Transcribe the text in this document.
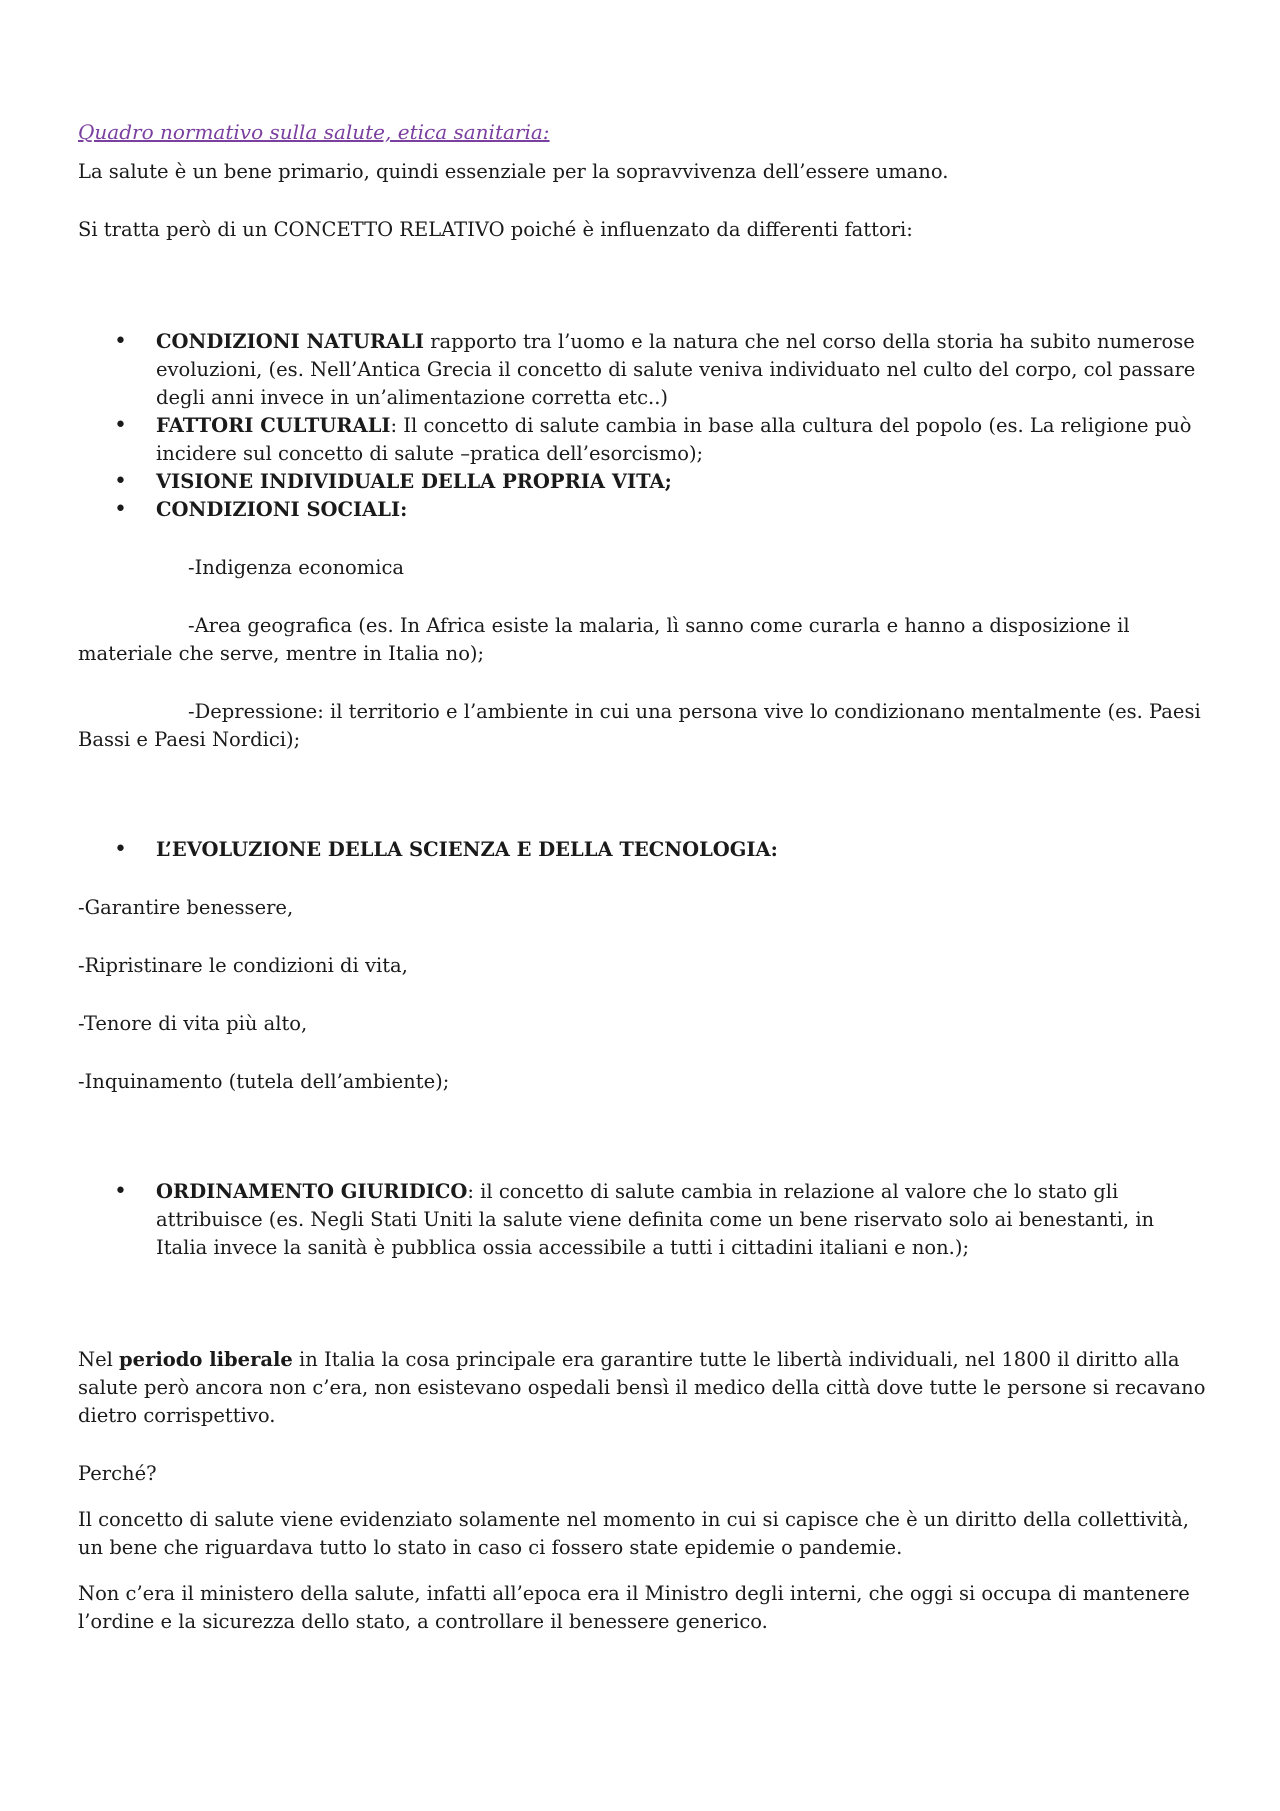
Quadro normativo sulla salute, etica sanitaria:

La salute è un bene primario, quindi essenziale per la sopravvivenza dell’essere umano.

Si tratta però di un CONCETTO RELATIVO poiché è influenzato da differenti fattori:

• CONDIZIONI NATURALI rapporto tra l’uomo e la natura che nel corso della storia ha subito numerose evoluzioni, (es. Nell’Antica Grecia il concetto di salute veniva individuato nel culto del corpo, col passare degli anni invece in un’alimentazione corretta etc..)
• FATTORI CULTURALI: Il concetto di salute cambia in base alla cultura del popolo (es. La religione può incidere sul concetto di salute –pratica dell’esorcismo);
• VISIONE INDIVIDUALE DELLA PROPRIA VITA;
• CONDIZIONI SOCIALI:

-Indigenza economica

-Area geografica (es. In Africa esiste la malaria, lì sanno come curarla e hanno a disposizione il materiale che serve, mentre in Italia no);

-Depressione: il territorio e l’ambiente in cui una persona vive lo condizionano mentalmente (es. Paesi Bassi e Paesi Nordici);

• L’EVOLUZIONE DELLA SCIENZA E DELLA TECNOLOGIA:

-Garantire benessere,

-Ripristinare le condizioni di vita,

-Tenore di vita più alto,

-Inquinamento (tutela dell’ambiente);

• ORDINAMENTO GIURIDICO: il concetto di salute cambia in relazione al valore che lo stato gli attribuisce (es. Negli Stati Uniti la salute viene definita come un bene riservato solo ai benestanti, in Italia invece la sanità è pubblica ossia accessibile a tutti i cittadini italiani e non.);

Nel periodo liberale in Italia la cosa principale era garantire tutte le libertà individuali, nel 1800 il diritto alla salute però ancora non c’era, non esistevano ospedali bensì il medico della città dove tutte le persone si recavano dietro corrispettivo.

Perché?

Il concetto di salute viene evidenziato solamente nel momento in cui si capisce che è un diritto della collettività, un bene che riguardava tutto lo stato in caso ci fossero state epidemie o pandemie.

Non c’era il ministero della salute, infatti all’epoca era il Ministro degli interni, che oggi si occupa di mantenere l’ordine e la sicurezza dello stato, a controllare il benessere generico.
